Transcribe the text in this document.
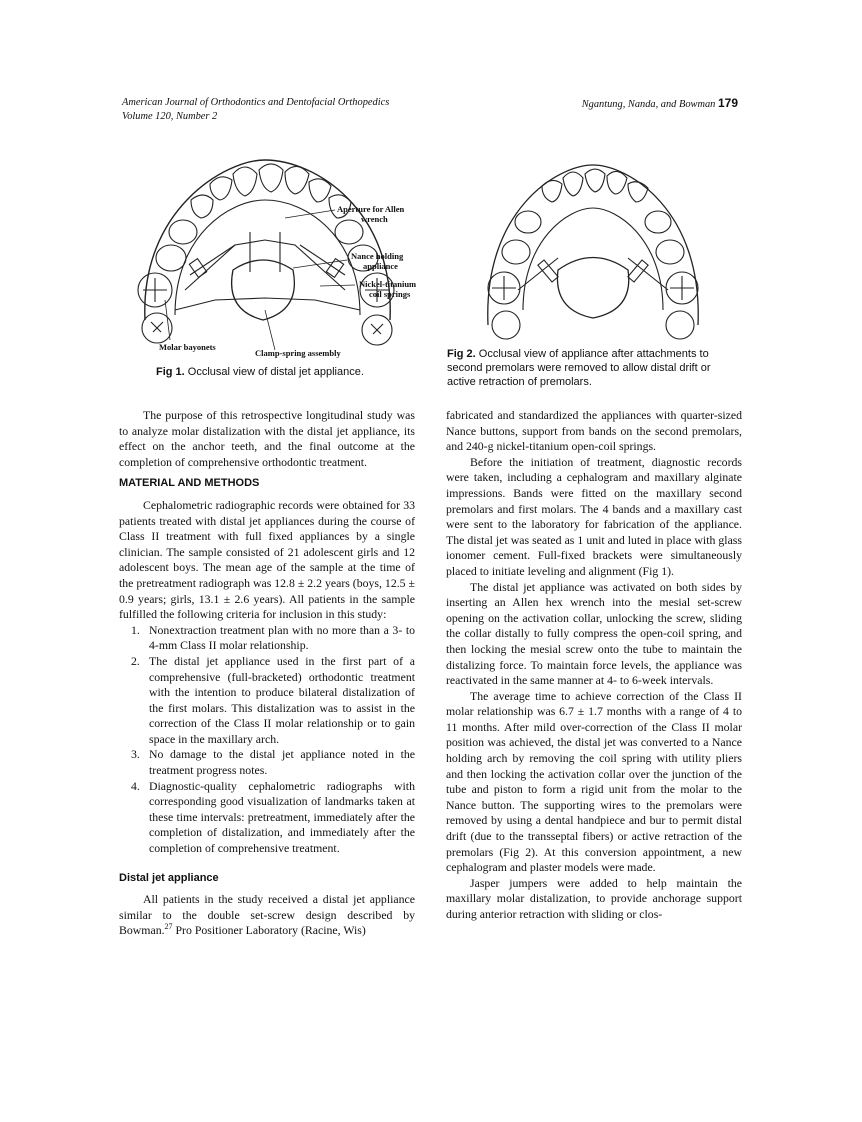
American Journal of Orthodontics and Dentofacial Orthopedics
Volume 120, Number 2
Ngantung, Nanda, and Bowman 179
Aperture for Allen
wrench
Nance holding
appliance
Nickel-titanium
coil springs
Molar bayonets
Clamp-spring assembly
Fig 1. Occlusal view of distal jet appliance.
Fig 2. Occlusal view of appliance after attachments to second premolars were removed to allow distal drift or active retraction of premolars.

The purpose of this retrospective longitudinal study was to analyze molar distalization with the distal jet appliance, its effect on the anchor teeth, and the final outcome at the completion of comprehensive orthodontic treatment.

MATERIAL AND METHODS

Cephalometric radiographic records were obtained for 33 patients treated with distal jet appliances during the course of Class II treatment with full fixed appliances by a single clinician. The sample consisted of 21 adolescent girls and 12 adolescent boys. The mean age of the sample at the time of the pretreatment radiograph was 12.8 ± 2.2 years (boys, 12.5 ± 0.9 years; girls, 13.1 ± 2.6 years). All patients in the sample fulfilled the following criteria for inclusion in this study:

1. Nonextraction treatment plan with no more than a 3- to 4-mm Class II molar relationship.
2. The distal jet appliance used in the first part of a comprehensive (full-bracketed) orthodontic treatment with the intention to produce bilateral distalization of the first molars. This distalization was to assist in the correction of the Class II molar relationship or to gain space in the maxillary arch.
3. No damage to the distal jet appliance noted in the treatment progress notes.
4. Diagnostic-quality cephalometric radiographs with corresponding good visualization of landmarks taken at these time intervals: pretreatment, immediately after the completion of distalization, and immediately after the completion of comprehensive treatment.
Distal jet appliance

All patients in the study received a distal jet appliance similar to the double set-screw design described by Bowman.$^{27}$ Pro Positioner Laboratory (Racine, Wis)

fabricated and standardized the appliances with quarter-sized Nance buttons, support from bands on the second premolars, and 240-g nickel-titanium open-coil springs.

Before the initiation of treatment, diagnostic records were taken, including a cephalogram and maxillary alginate impressions. Bands were fitted on the maxillary second premolars and first molars. The 4 bands and a maxillary cast were sent to the laboratory for fabrication of the appliance. The distal jet was seated as 1 unit and luted in place with glass ionomer cement. Full-fixed brackets were simultaneously placed to initiate leveling and alignment (Fig 1).

The distal jet appliance was activated on both sides by inserting an Allen hex wrench into the mesial set-screw opening on the activation collar, unlocking the screw, sliding the collar distally to fully compress the open-coil spring, and then locking the mesial screw onto the tube to maintain the distalizing force. To maintain force levels, the appliance was reactivated in the same manner at 4- to 6-week intervals.

The average time to achieve correction of the Class II molar relationship was 6.7 ± 1.7 months with a range of 4 to 11 months. After mild over-correction of the Class II molar position was achieved, the distal jet was converted to a Nance holding arch by removing the coil spring with utility pliers and then locking the activation collar over the junction of the tube and piston to form a rigid unit from the molar to the Nance button. The supporting wires to the premolars were removed by using a dental handpiece and bur to permit distal drift (due to the transseptal fibers) or active retraction of the premolars (Fig 2). At this conversion appointment, a new cephalogram and plaster models were made.

Jasper jumpers were added to help maintain the maxillary molar distalization, to provide anchorage support during anterior retraction with sliding or clos-
